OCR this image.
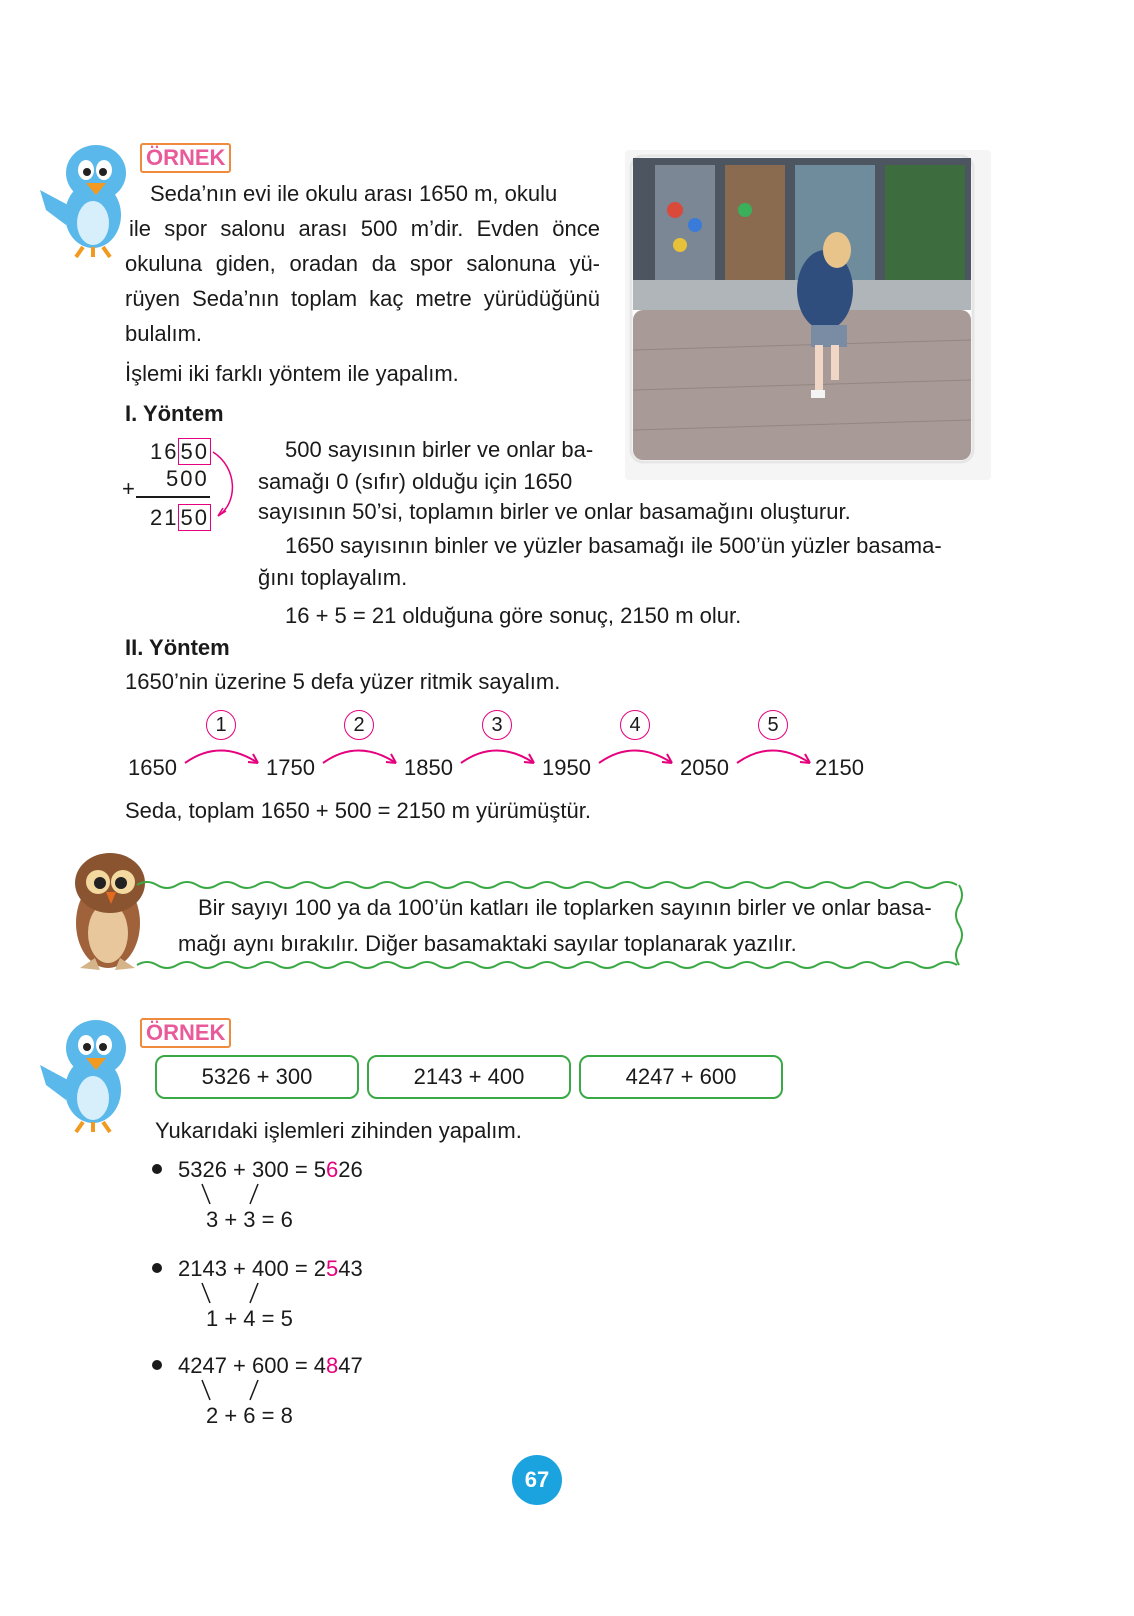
ÖRNEK
Seda’nın evi ile okulu arası 1650 m, okulu
ile spor salonu arası 500 m’dir. Evden önce
okuluna giden, oradan da spor salonuna yü-
rüyen Seda’nın toplam kaç metre yürüdüğünü
bulalım.
İşlemi iki farklı yöntem ile yapalım.
I. Yöntem
1650
+ 500
2150
500 sayısının birler ve onlar ba-
samağı 0 (sıfır) olduğu için 1650
sayısının 50’si, toplamın birler ve onlar basamağını oluşturur.
1650 sayısının binler ve yüzler basamağı ile 500’ün yüzler basama-
ğını toplayalım.
16 + 5 = 21 olduğuna göre sonuç, 2150 m olur.
II. Yöntem
1650’nin üzerine 5 defa yüzer ritmik sayalım.
1	2	3	4	5
1650	1750	1850	1950	2050	2150
Seda, toplam 1650 + 500 = 2150 m yürümüştür.
Bir sayıyı 100 ya da 100’ün katları ile toplarken sayının birler ve onlar basa-
mağı aynı bırakılır. Diğer basamaktaki sayılar toplanarak yazılır.
ÖRNEK
5326 + 300	2143 + 400	4247 + 600
Yukarıdaki işlemleri zihinden yapalım.
5326 + 300 = 5626
3 + 3 = 6
2143 + 400 = 2543
1 + 4 = 5
4247 + 600 = 4847
2 + 6 = 8
67
